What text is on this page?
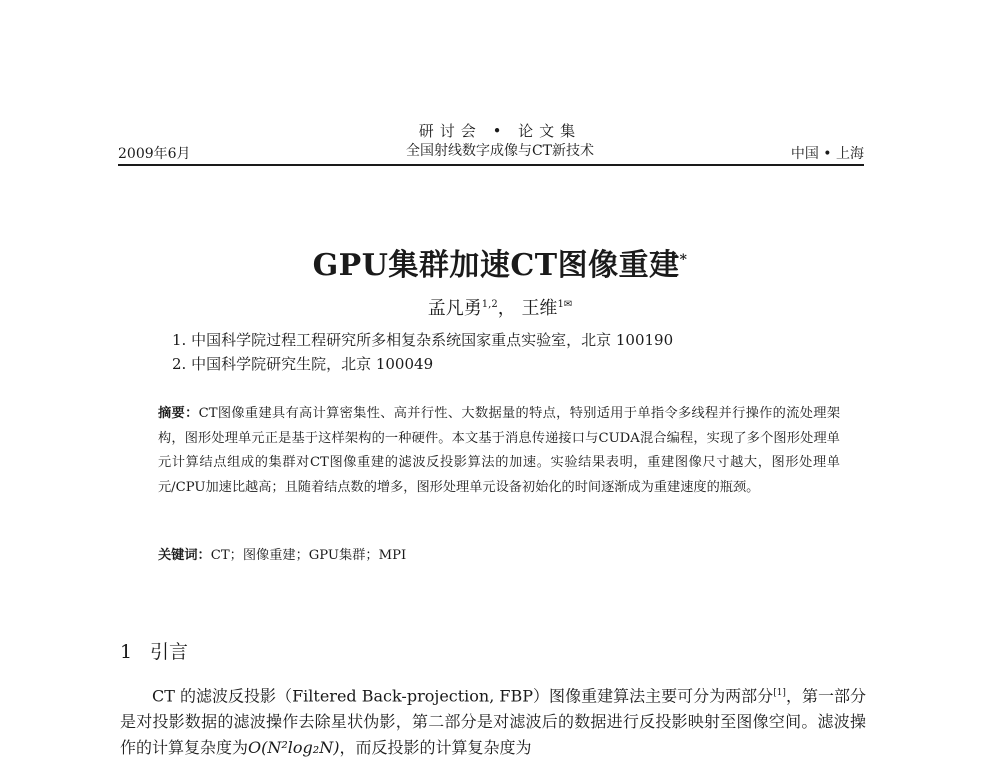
研讨会 • 论文集
全国射线数字成像与CT新技术
2009年6月	中国 • 上海
GPU集群加速CT图像重建*
孟凡勇$^{1,2}$， 王维$^{1✉}$
1. 中国科学院过程工程研究所多相复杂系统国家重点实验室，北京 100190
2. 中国科学院研究生院，北京 100049
摘要：CT图像重建具有高计算密集性、高并行性、大数据量的特点，特别适用于单指令多线程并行操作的流处理架构，图形处理单元正是基于这样架构的一种硬件。本文基于消息传递接口与CUDA混合编程，实现了多个图形处理单元计算结点组成的集群对CT图像重建的滤波反投影算法的加速。实验结果表明，重建图像尺寸越大，图形处理单元/CPU加速比越高；且随着结点数的增多，图形处理单元设备初始化的时间逐渐成为重建速度的瓶颈。
关键词：CT；图像重建；GPU集群；MPI
1 引言
CT 的滤波反投影（Filtered Back-projection, FBP）图像重建算法主要可分为两部分[1]，第一部分是对投影数据的滤波操作去除星状伪影，第二部分是对滤波后的数据进行反投影映射至图像空间。滤波操作的计算复杂度为O(N²log₂N)，而反投影的计算复杂度为
